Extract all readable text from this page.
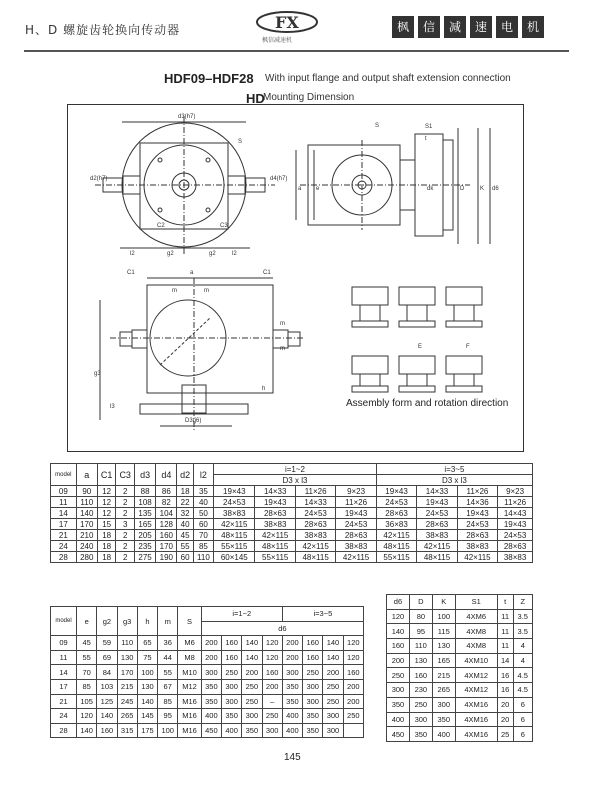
H、D 螺旋齿轮换向传动器	FX
枫信减速机
枫	信	减	速	电	机
HDF09–HDF28 With input flange and output shaft extension connection
HD
Mounting Dimension
d3(h7)
S
C2	C3
l2	g2	g2	l2
d4(h7)
d2(h7)
S	S1
t
a e	dk	D	K d6
C1	a	C1
m	m
g3
h
l3
D3(j6)
m
m	E	F
Assembly form and rotation direction
model	a	C1	C3	d3	d4	d2	l2	i=1~2				i=3~5			
								D3 x l3				D3 x l3			
09	90	12	2	88	86	18	35	19×43	14×33	11×26	9×23	19×43	14×33	11×26	9×23
11	110	12	2	108	82	22	40	24×53	19×43	14×33	11×26	24×53	19×43	14×36	11×26
14	140	12	2	135	104	32	50	38×83	28×63	24×53	19×43	28×63	24×53	19×43	14×43
17	170	15	3	165	128	40	60	42×115	38×83	28×63	24×53	36×83	28×63	24×53	19×43
21	210	18	2	205	160	45	70	48×115	42×115	38×83	28×63	42×115	38×83	28×63	24×53
24	240	18	2	235	170	55	85	55×115	48×115	42×115	38×83	48×115	42×115	38×83	28×63
28	280	18	2	275	190	60	110	60×145	55×115	48×115	42×115	55×115	48×115	42×115	38×83
model	e	g2	g3	h	m	S	i=1~2				i=3~5			
							d6							
09	45	59	110	65	36	M6	200	160	140	120	200	160	140	120
11	55	69	130	75	44	M8	200	160	140	120	200	160	140	120
14	70	84	170	100	55	M10	300	250	200	160	300	250	200	160
17	85	103	215	130	67	M12	350	300	250	200	350	300	250	200
21	105	125	245	140	85	M16	350	300	250	–	350	300	250	200
24	120	140	265	145	95	M16	400	350	300	250	400	350	300	250
28	140	160	315	175	100	M16	450	400	350	300	400	350	300	
d6	D	K	S1	t	Z
120	80	100	4XM6	11	3.5
140	95	115	4XM8	11	3.5
160	110	130	4XM8	11	4
200	130	165	4XM10	14	4
250	160	215	4XM12	16	4.5
300	230	265	4XM12	16	4.5
350	250	300	4XM16	20	6
400	300	350	4XM16	20	6
450	350	400	4XM16	25	6
145
